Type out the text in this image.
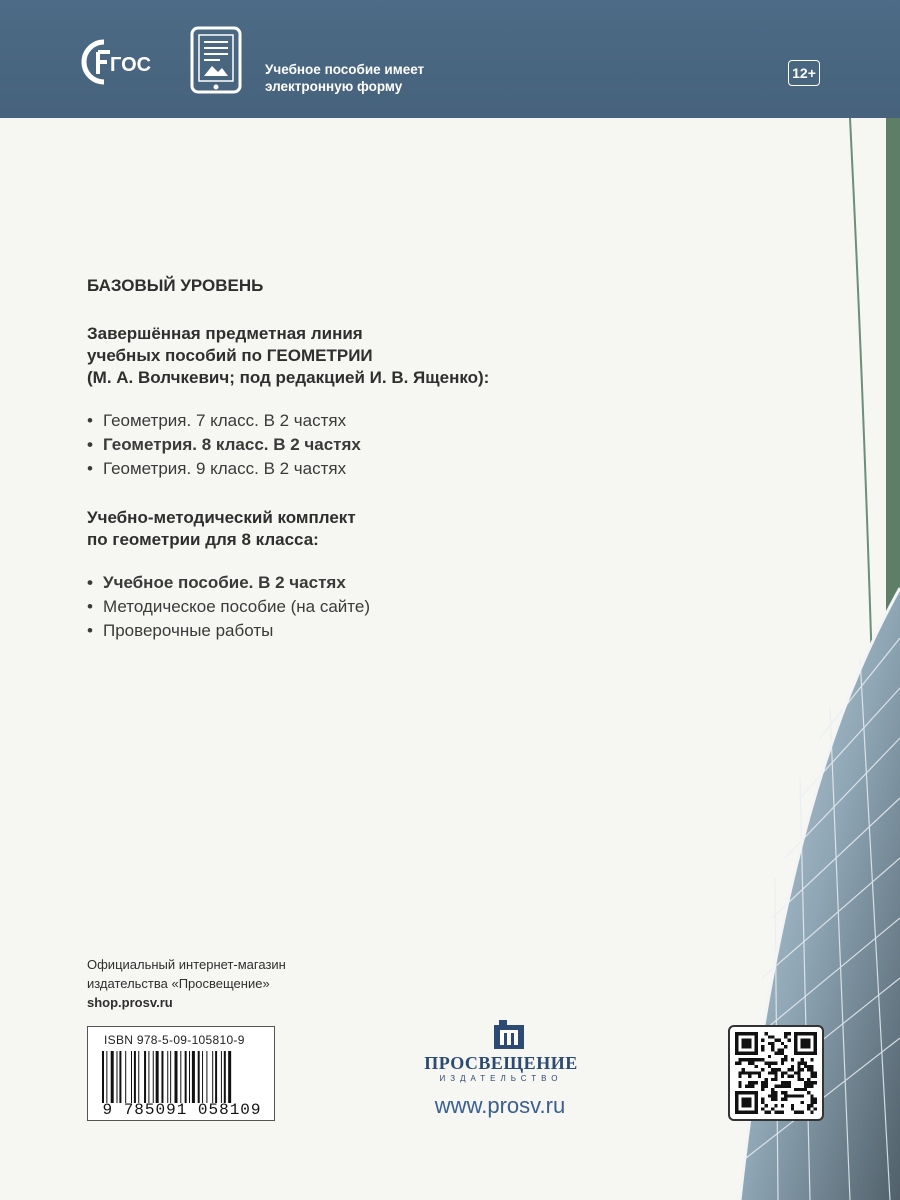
ГОС	Учебное пособие имеет
электронную форму
12+
БАЗОВЫЙ УРОВЕНЬ
Завершённая предметная линия
учебных пособий по ГЕОМЕТРИИ
(М. А. Волчкевич; под редакцией И. В. Ященко):
• Геометрия. 7 класс. В 2 частях
• Геометрия. 8 класс. В 2 частях
• Геометрия. 9 класс. В 2 частях
Учебно-методический комплект
по геометрии для 8 класса:
• Учебное пособие. В 2 частях
• Методическое пособие (на сайте)
• Проверочные работы
Официальный интернет-магазин
издательства «Просвещение»
shop.prosv.ru
ISBN 978-5-09-105810-9
9 785091 058109
ПРОСВЕЩЕНИЕ
ИЗДАТЕЛЬСТВО
www.prosv.ru
